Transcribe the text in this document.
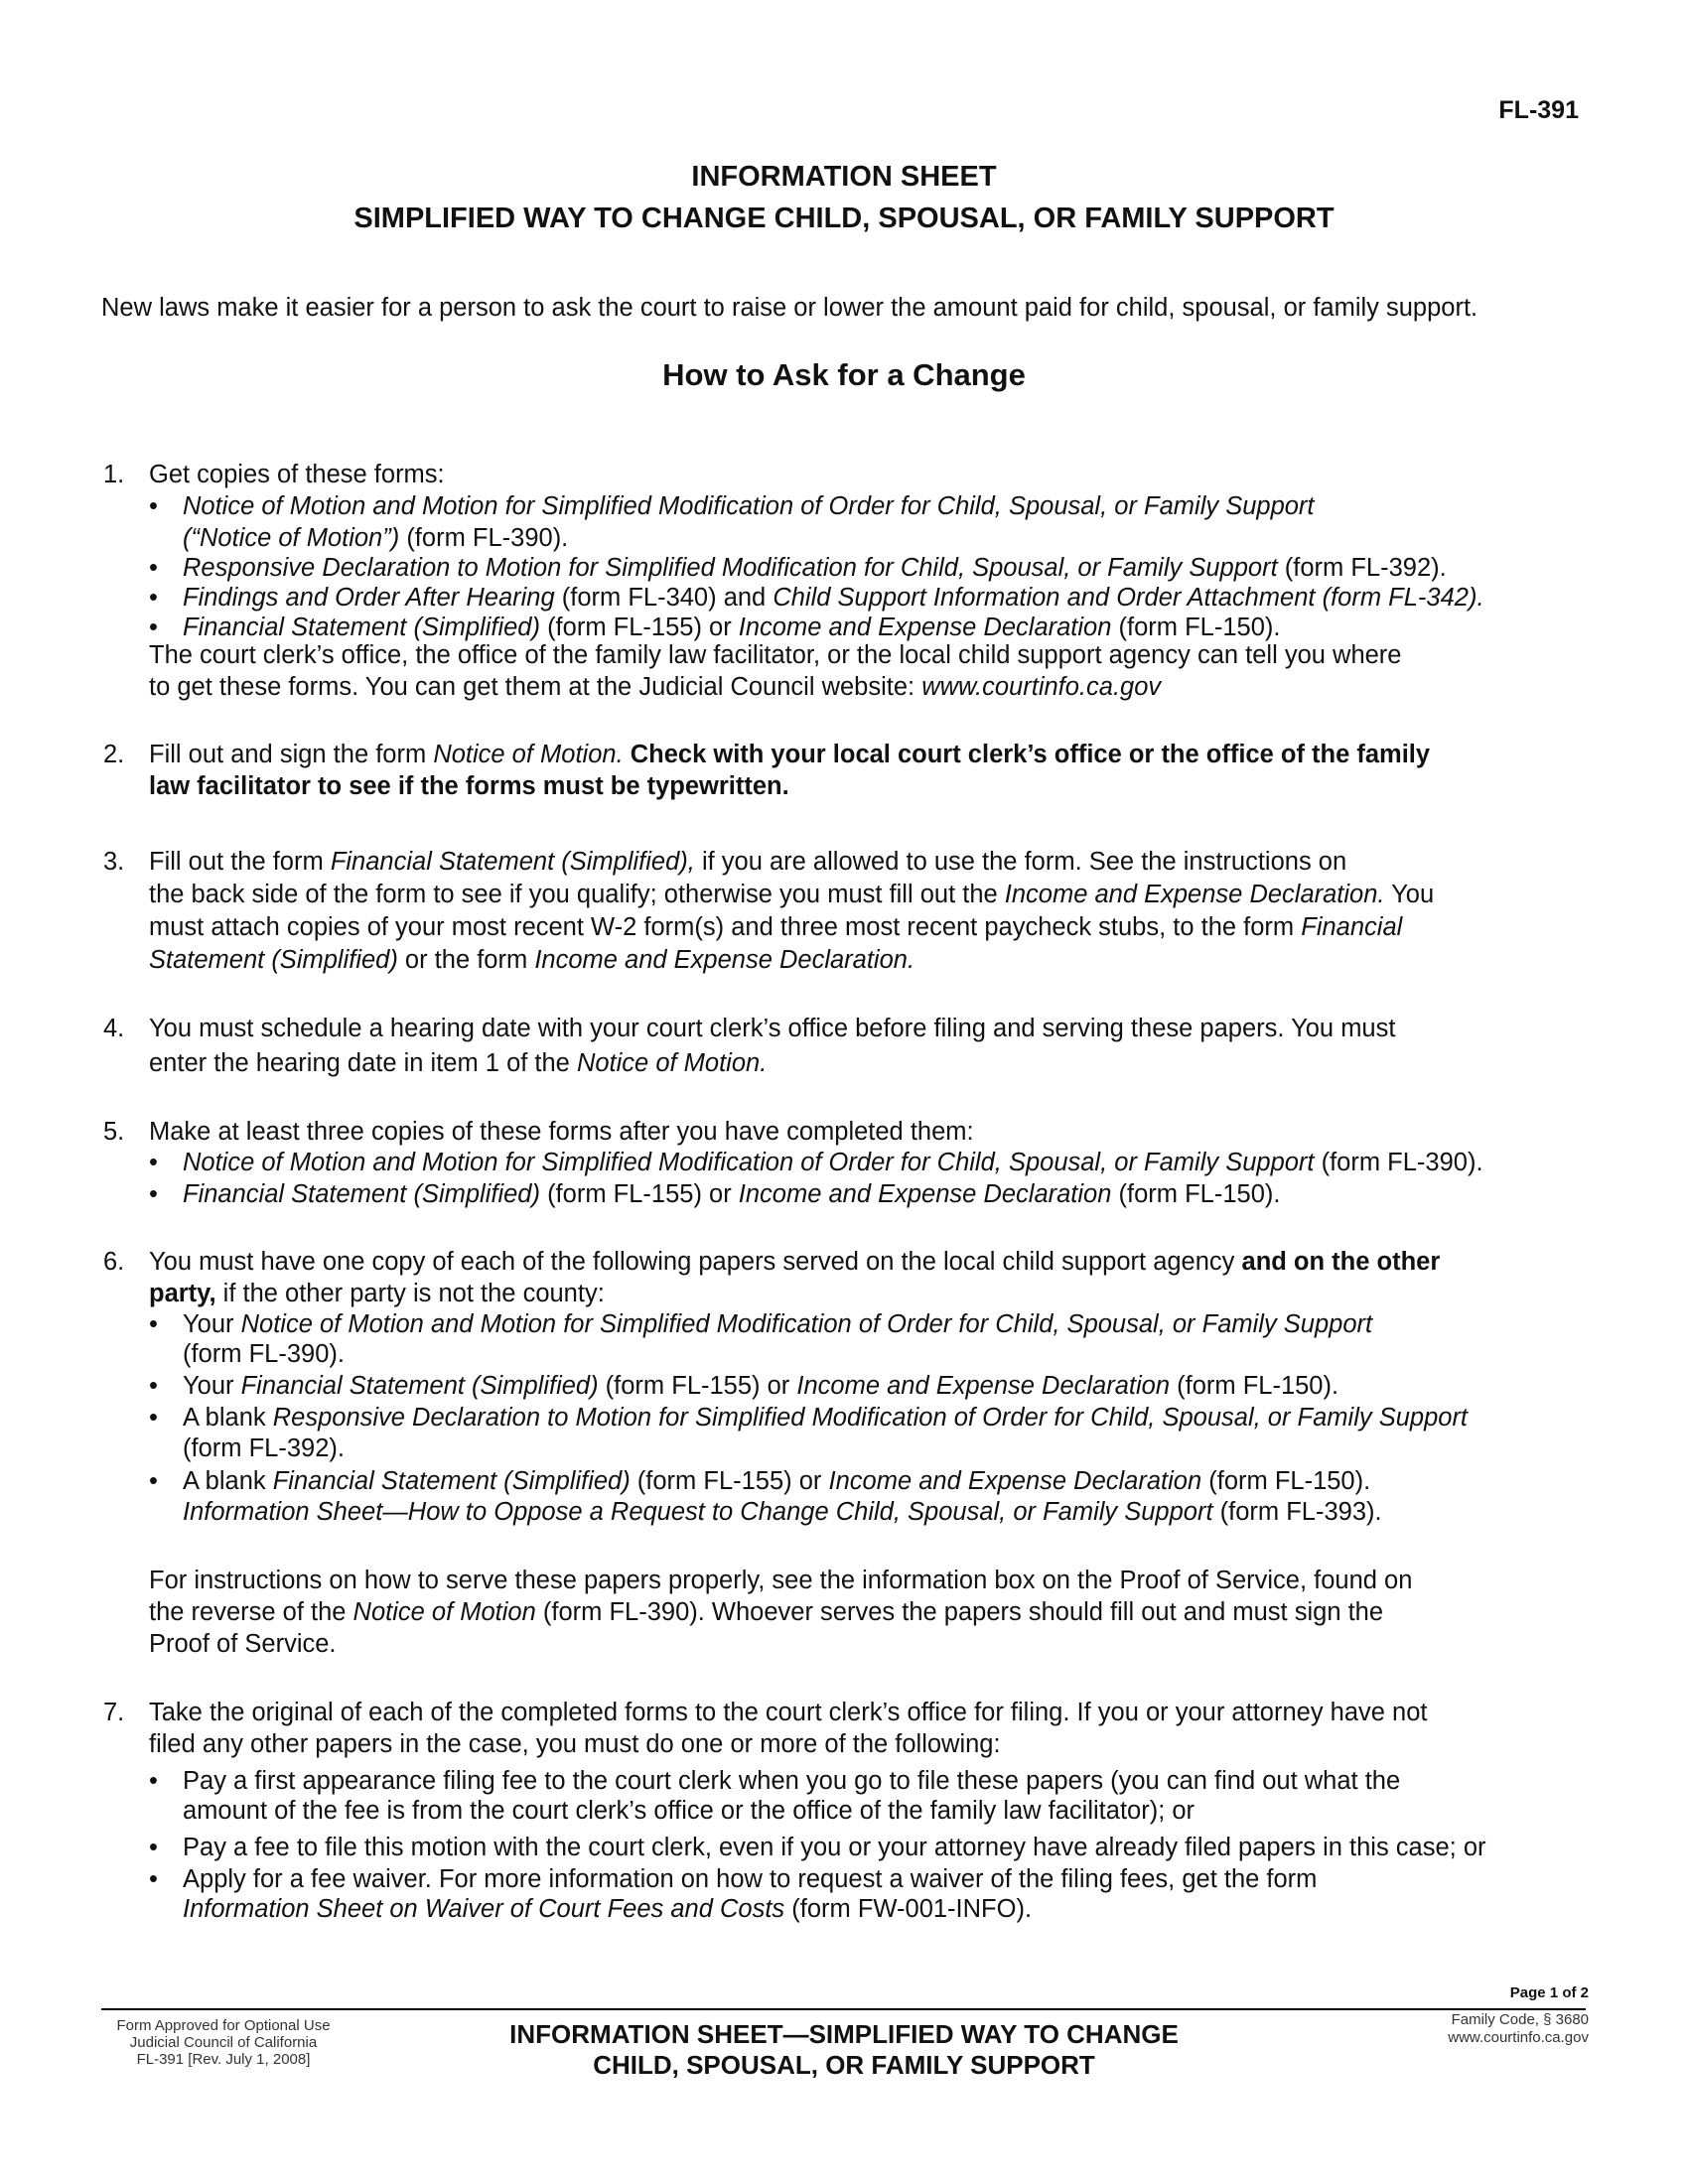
FL-391
INFORMATION SHEET
SIMPLIFIED WAY TO CHANGE CHILD, SPOUSAL, OR FAMILY SUPPORT
New laws make it easier for a person to ask the court to raise or lower the amount paid for child, spousal, or family support.
How to Ask for a Change
1. Get copies of these forms:
• Notice of Motion and Motion for Simplified Modification of Order for Child, Spousal, or Family Support
(“Notice of Motion”) (form FL-390).
• Responsive Declaration to Motion for Simplified Modification for Child, Spousal, or Family Support (form FL-392).
• Findings and Order After Hearing (form FL-340) and Child Support Information and Order Attachment (form FL-342).
• Financial Statement (Simplified) (form FL-155) or Income and Expense Declaration (form FL-150).
The court clerk’s office, the office of the family law facilitator, or the local child support agency can tell you where
to get these forms. You can get them at the Judicial Council website: www.courtinfo.ca.gov
2. Fill out and sign the form Notice of Motion. Check with your local court clerk’s office or the office of the family
law facilitator to see if the forms must be typewritten.
3. Fill out the form Financial Statement (Simplified), if you are allowed to use the form. See the instructions on
the back side of the form to see if you qualify; otherwise you must fill out the Income and Expense Declaration. You
must attach copies of your most recent W-2 form(s) and three most recent paycheck stubs, to the form Financial
Statement (Simplified) or the form Income and Expense Declaration.
4. You must schedule a hearing date with your court clerk’s office before filing and serving these papers. You must
enter the hearing date in item 1 of the Notice of Motion.
5. Make at least three copies of these forms after you have completed them:
• Notice of Motion and Motion for Simplified Modification of Order for Child, Spousal, or Family Support (form FL-390).
• Financial Statement (Simplified) (form FL-155) or Income and Expense Declaration (form FL-150).
6. You must have one copy of each of the following papers served on the local child support agency and on the other
party, if the other party is not the county:
• Your Notice of Motion and Motion for Simplified Modification of Order for Child, Spousal, or Family Support
(form FL-390).
• Your Financial Statement (Simplified) (form FL-155) or Income and Expense Declaration (form FL-150).
• A blank Responsive Declaration to Motion for Simplified Modification of Order for Child, Spousal, or Family Support
(form FL-392).
• A blank Financial Statement (Simplified) (form FL-155) or Income and Expense Declaration (form FL-150).
Information Sheet—How to Oppose a Request to Change Child, Spousal, or Family Support (form FL-393).
For instructions on how to serve these papers properly, see the information box on the Proof of Service, found on
the reverse of the Notice of Motion (form FL-390). Whoever serves the papers should fill out and must sign the
Proof of Service.
7. Take the original of each of the completed forms to the court clerk’s office for filing. If you or your attorney have not
filed any other papers in the case, you must do one or more of the following:
• Pay a first appearance filing fee to the court clerk when you go to file these papers (you can find out what the
amount of the fee is from the court clerk’s office or the office of the family law facilitator); or
• Pay a fee to file this motion with the court clerk, even if you or your attorney have already filed papers in this case; or
• Apply for a fee waiver. For more information on how to request a waiver of the filing fees, get the form
Information Sheet on Waiver of Court Fees and Costs (form FW-001-INFO).
Page 1 of 2
Form Approved for Optional Use
Judicial Council of California
FL-391 [Rev. July 1, 2008]
INFORMATION SHEET—SIMPLIFIED WAY TO CHANGE
CHILD, SPOUSAL, OR FAMILY SUPPORT
Family Code, § 3680
www.courtinfo.ca.gov
